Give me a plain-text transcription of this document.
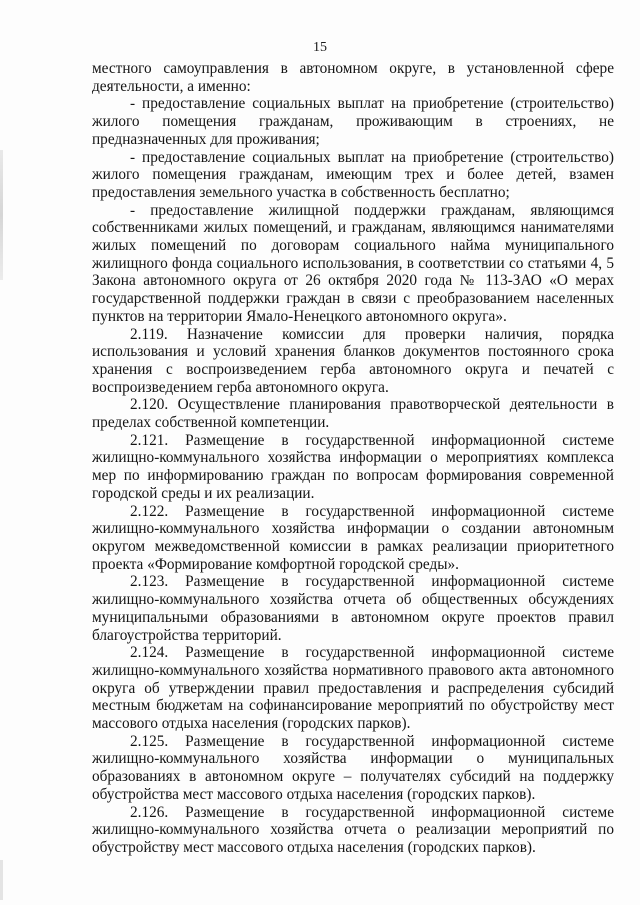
15

местного самоуправления в автономном округе, в установленной сфере деятельности, а именно:

- предоставление социальных выплат на приобретение (строительство) жилого помещения гражданам, проживающим в строениях, не предназначенных для проживания;

- предоставление социальных выплат на приобретение (строительство) жилого помещения гражданам, имеющим трех и более детей, взамен предоставления земельного участка в собственность бесплатно;

- предоставление жилищной поддержки гражданам, являющимся собственниками жилых помещений, и гражданам, являющимся нанимателями жилых помещений по договорам социального найма муниципального жилищного фонда социального использования, в соответствии со статьями 4, 5 Закона автономного округа от 26 октября 2020 года № 113-ЗАО «О мерах государственной поддержки граждан в связи с преобразованием населенных пунктов на территории Ямало-Ненецкого автономного округа».

2.119. Назначение комиссии для проверки наличия, порядка использования и условий хранения бланков документов постоянного срока хранения с воспроизведением герба автономного округа и печатей с воспроизведением герба автономного округа.

2.120. Осуществление планирования правотворческой деятельности в пределах собственной компетенции.

2.121. Размещение в государственной информационной системе жилищно-коммунального хозяйства информации о мероприятиях комплекса мер по информированию граждан по вопросам формирования современной городской среды и их реализации.

2.122. Размещение в государственной информационной системе жилищно-коммунального хозяйства информации о создании автономным округом межведомственной комиссии в рамках реализации приоритетного проекта «Формирование комфортной городской среды».

2.123. Размещение в государственной информационной системе жилищно-коммунального хозяйства отчета об общественных обсуждениях муниципальными образованиями в автономном округе проектов правил благоустройства территорий.

2.124. Размещение в государственной информационной системе жилищно-коммунального хозяйства нормативного правового акта автономного округа об утверждении правил предоставления и распределения субсидий местным бюджетам на софинансирование мероприятий по обустройству мест массового отдыха населения (городских парков).

2.125. Размещение в государственной информационной системе жилищно-коммунального хозяйства информации о муниципальных образованиях в автономном округе – получателях субсидий на поддержку обустройства мест массового отдыха населения (городских парков).

2.126. Размещение в государственной информационной системе жилищно-коммунального хозяйства отчета о реализации мероприятий по обустройству мест массового отдыха населения (городских парков).
